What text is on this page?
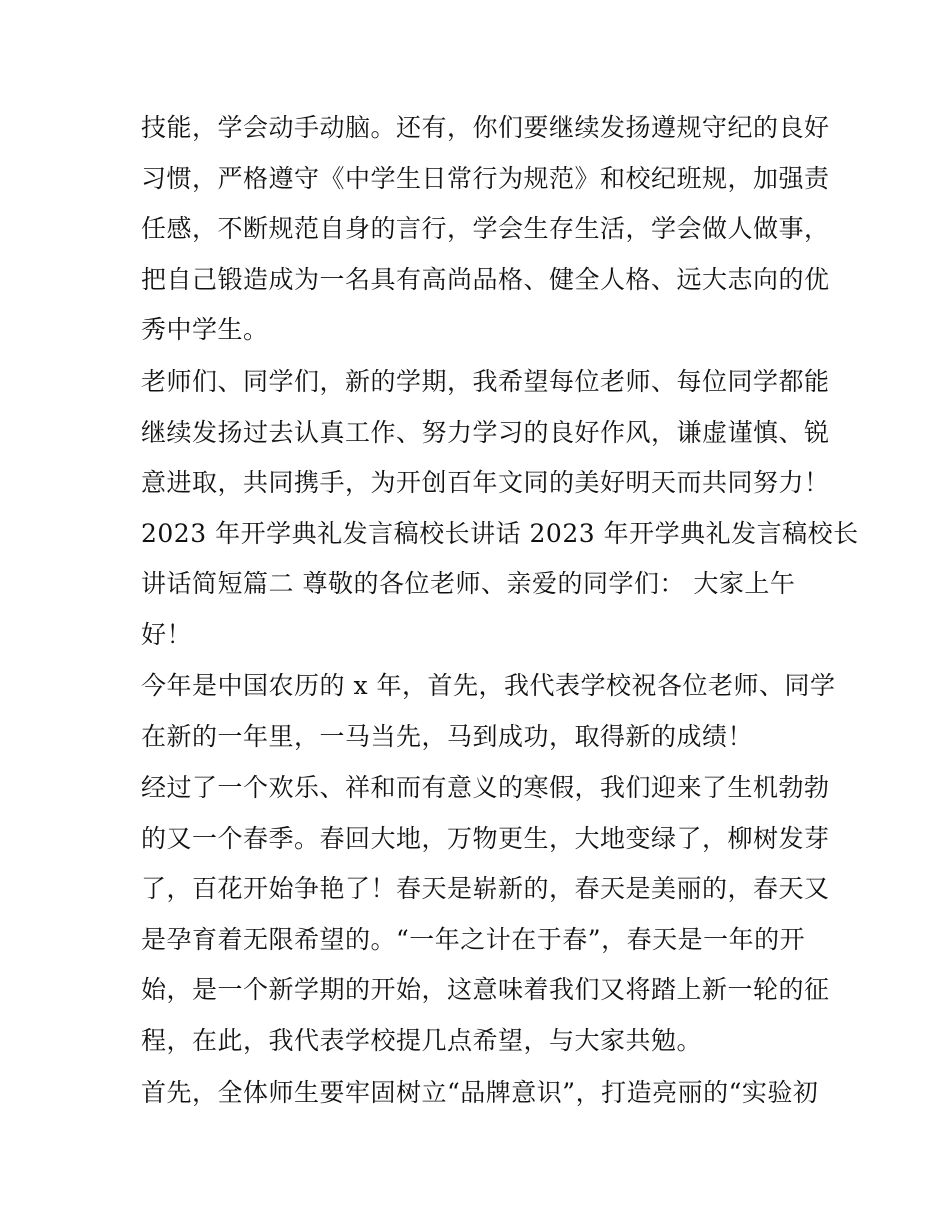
技能，学会动手动脑。还有，你们要继续发扬遵规守纪的良好
习惯，严格遵守《中学生日常行为规范》和校纪班规，加强责
任感，不断规范自身的言行，学会生存生活，学会做人做事，
把自己锻造成为一名具有高尚品格、健全人格、远大志向的优
秀中学生。
老师们、同学们，新的学期，我希望每位老师、每位同学都能
继续发扬过去认真工作、努力学习的良好作风，谦虚谨慎、锐
意进取，共同携手，为开创百年文同的美好明天而共同努力！
2023 年开学典礼发言稿校长讲话 2023 年开学典礼发言稿校长
讲话简短篇二 尊敬的各位老师、亲爱的同学们： 大家上午
好！
今年是中国农历的 x 年，首先，我代表学校祝各位老师、同学
在新的一年里，一马当先，马到成功，取得新的成绩！
经过了一个欢乐、祥和而有意义的寒假，我们迎来了生机勃勃
的又一个春季。春回大地，万物更生，大地变绿了，柳树发芽
了，百花开始争艳了！春天是崭新的，春天是美丽的，春天又
是孕育着无限希望的。“一年之计在于春”，春天是一年的开
始，是一个新学期的开始，这意味着我们又将踏上新一轮的征
程，在此，我代表学校提几点希望，与大家共勉。
首先，全体师生要牢固树立“品牌意识”，打造亮丽的“实验初
